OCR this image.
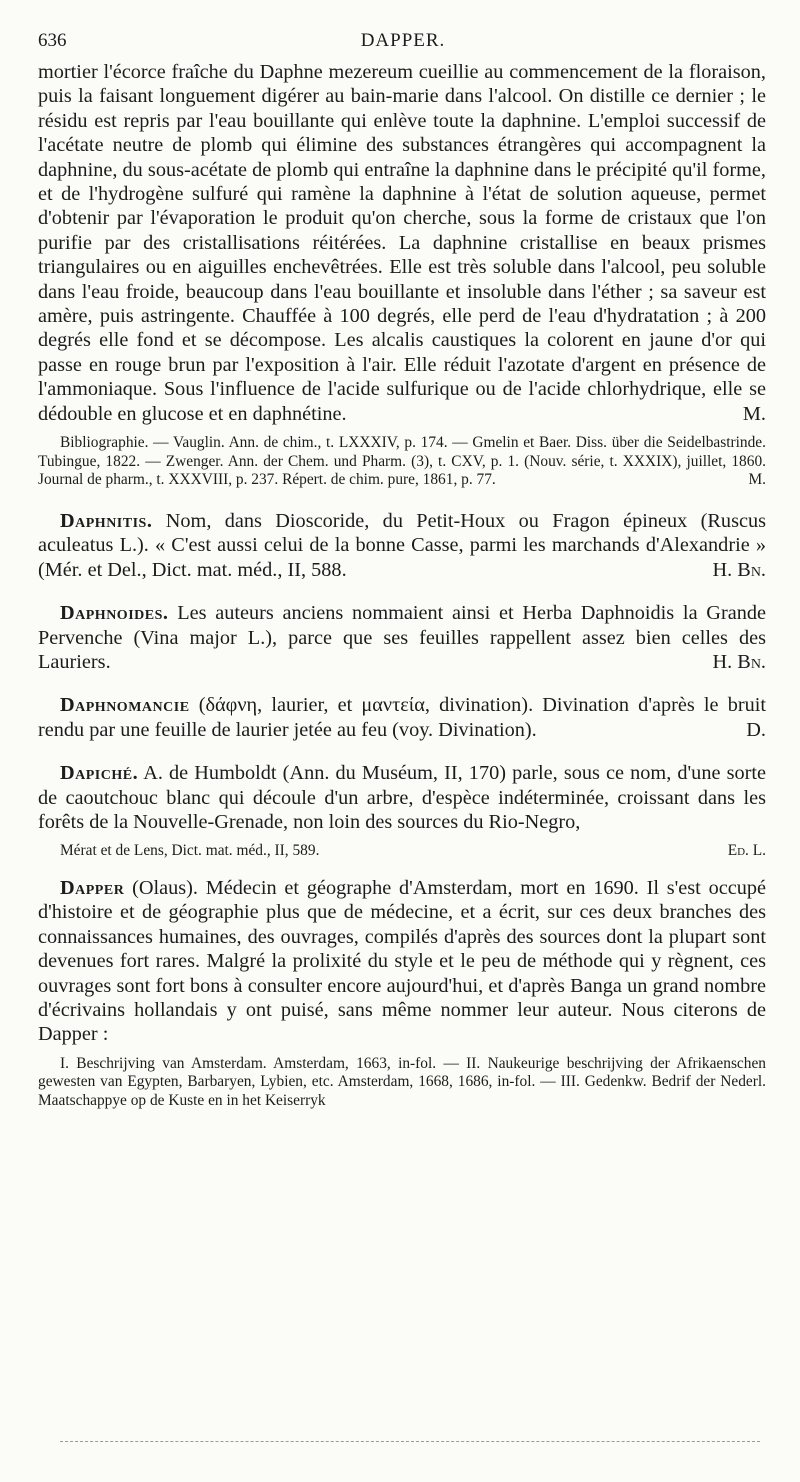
636	DAPPER.

mortier l'écorce fraîche du Daphne mezereum cueillie au commencement de la floraison, puis la faisant longuement digérer au bain-marie dans l'alcool. On distille ce dernier ; le résidu est repris par l'eau bouillante qui enlève toute la daphnine. L'emploi successif de l'acétate neutre de plomb qui élimine des substances étrangères qui accompagnent la daphnine, du sous-acétate de plomb qui entraîne la daphnine dans le précipité qu'il forme, et de l'hydrogène sulfuré qui ramène la daphnine à l'état de solution aqueuse, permet d'obtenir par l'évaporation le produit qu'on cherche, sous la forme de cristaux que l'on purifie par des cristallisations réitérées. La daphnine cristallise en beaux prismes triangulaires ou en aiguilles enchevêtrées. Elle est très soluble dans l'alcool, peu soluble dans l'eau froide, beaucoup dans l'eau bouillante et insoluble dans l'éther ; sa saveur est amère, puis astringente. Chauffée à 100 degrés, elle perd de l'eau d'hydratation ; à 200 degrés elle fond et se décompose. Les alcalis caustiques la colorent en jaune d'or qui passe en rouge brun par l'exposition à l'air. Elle réduit l'azotate d'argent en présence de l'ammoniaque. Sous l'influence de l'acide sulfurique ou de l'acide chlorhydrique, elle se dédouble en glucose et en daphnétine.	M.

Bibliographie. — Vauglin. Ann. de chim., t. LXXXIV, p. 174. — Gmelin et Baer. Diss. über die Seidelbastrinde. Tubingue, 1822. — Zwenger. Ann. der Chem. und Pharm. (3), t. CXV, p. 1. (Nouv. série, t. XXXIX), juillet, 1860. Journal de pharm., t. XXXVIII, p. 237. Répert. de chim. pure, 1861, p. 77.	M.

Daphnitis. Nom, dans Dioscoride, du Petit-Houx ou Fragon épineux (Ruscus aculeatus L.). « C'est aussi celui de la bonne Casse, parmi les marchands d'Alexandrie » (Mér. et Del., Dict. mat. méd., II, 588.	H. Bn.

Daphnoides. Les auteurs anciens nommaient ainsi et Herba Daphnoidis la Grande Pervenche (Vina major L.), parce que ses feuilles rappellent assez bien celles des Lauriers.	H. Bn.

Daphnomancie (δάφνη, laurier, et μαντεία, divination). Divination d'après le bruit rendu par une feuille de laurier jetée au feu (voy. Divination).	D.

Dapiché. A. de Humboldt (Ann. du Muséum, II, 170) parle, sous ce nom, d'une sorte de caoutchouc blanc qui découle d'un arbre, d'espèce indéterminée, croissant dans les forêts de la Nouvelle-Grenade, non loin des sources du Rio-Negro,

Mérat et de Lens, Dict. mat. méd., II, 589.	Ed. L.

Dapper (Olaus). Médecin et géographe d'Amsterdam, mort en 1690. Il s'est occupé d'histoire et de géographie plus que de médecine, et a écrit, sur ces deux branches des connaissances humaines, des ouvrages, compilés d'après des sources dont la plupart sont devenues fort rares. Malgré la prolixité du style et le peu de méthode qui y règnent, ces ouvrages sont fort bons à consulter encore aujourd'hui, et d'après Banga un grand nombre d'écrivains hollandais y ont puisé, sans même nommer leur auteur. Nous citerons de Dapper :

I. Beschrijving van Amsterdam. Amsterdam, 1663, in-fol. — II. Naukeurige beschrijving der Afrikaenschen gewesten van Egypten, Barbaryen, Lybien, etc. Amsterdam, 1668, 1686, in-fol. — III. Gedenkw. Bedrif der Nederl. Maatschappye op de Kuste en in het Keiserryk
